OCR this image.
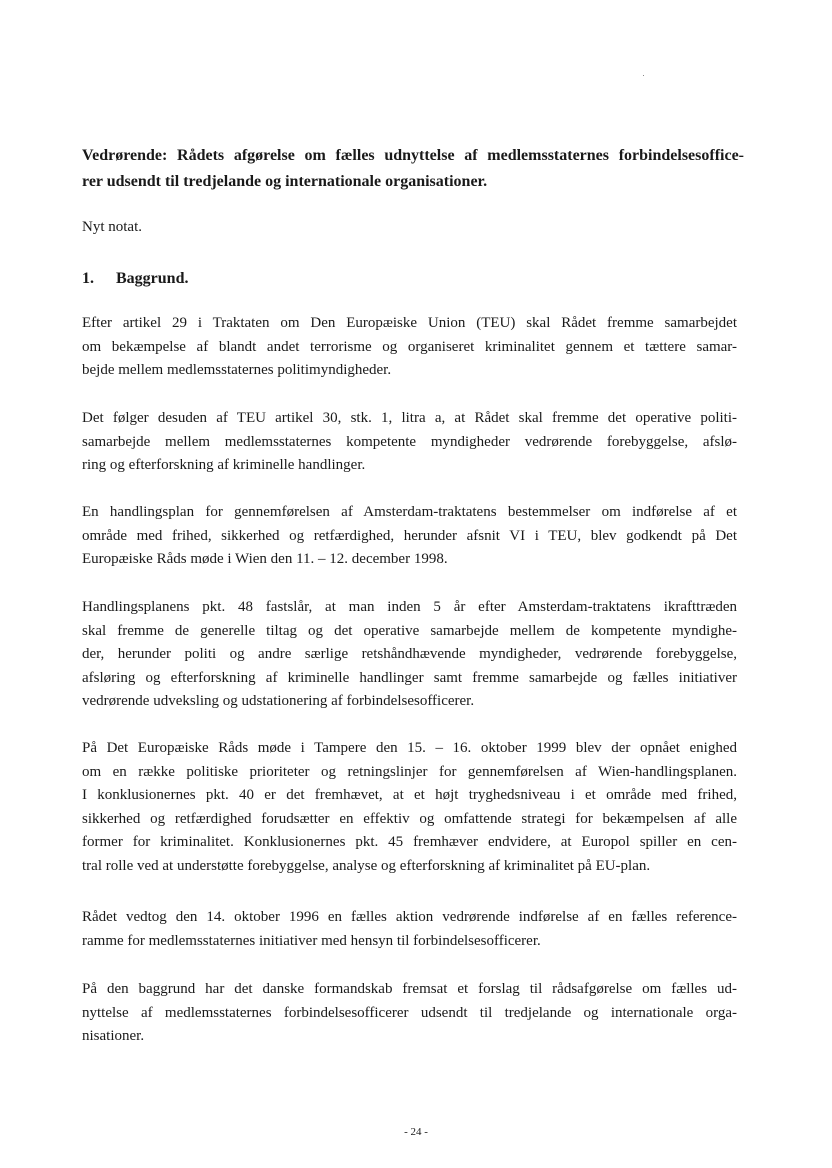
Vedrørende: Rådets afgørelse om fælles udnyttelse af medlemsstaternes forbindelsesoffice-
rer udsendt til tredjelande og internationale organisationer.

Nyt notat.

1.	Baggrund.
Efter artikel 29 i Traktaten om Den Europæiske Union (TEU) skal Rådet fremme samarbejdet
om bekæmpelse af blandt andet terrorisme og organiseret kriminalitet gennem et tættere samar-
bejde mellem medlemsstaternes politimyndigheder.
Det følger desuden af TEU artikel 30, stk. 1, litra a, at Rådet skal fremme det operative politi-
samarbejde mellem medlemsstaternes kompetente myndigheder vedrørende forebyggelse, afslø-
ring og efterforskning af kriminelle handlinger.
En handlingsplan for gennemførelsen af Amsterdam-traktatens bestemmelser om indførelse af et
område med frihed, sikkerhed og retfærdighed, herunder afsnit VI i TEU, blev godkendt på Det
Europæiske Råds møde i Wien den 11. – 12. december 1998.
Handlingsplanens pkt. 48 fastslår, at man inden 5 år efter Amsterdam-traktatens ikrafttræden
skal fremme de generelle tiltag og det operative samarbejde mellem de kompetente myndighe-
der, herunder politi og andre særlige retshåndhævende myndigheder, vedrørende forebyggelse,
afsløring og efterforskning af kriminelle handlinger samt fremme samarbejde og fælles initiativer
vedrørende udveksling og udstationering af forbindelsesofficerer.
På Det Europæiske Råds møde i Tampere den 15. – 16. oktober 1999 blev der opnået enighed
om en række politiske prioriteter og retningslinjer for gennemførelsen af Wien-handlingsplanen.
I konklusionernes pkt. 40 er det fremhævet, at et højt tryghedsniveau i et område med frihed,
sikkerhed og retfærdighed forudsætter en effektiv og omfattende strategi for bekæmpelsen af alle
former for kriminalitet. Konklusionernes pkt. 45 fremhæver endvidere, at Europol spiller en cen-
tral rolle ved at understøtte forebyggelse, analyse og efterforskning af kriminalitet på EU-plan.
Rådet vedtog den 14. oktober 1996 en fælles aktion vedrørende indførelse af en fælles reference-
ramme for medlemsstaternes initiativer med hensyn til forbindelsesofficerer.
På den baggrund har det danske formandskab fremsat et forslag til rådsafgørelse om fælles ud-
nyttelse af medlemsstaternes forbindelsesofficerer udsendt til tredjelande og internationale orga-
nisationer.

- 24 -
